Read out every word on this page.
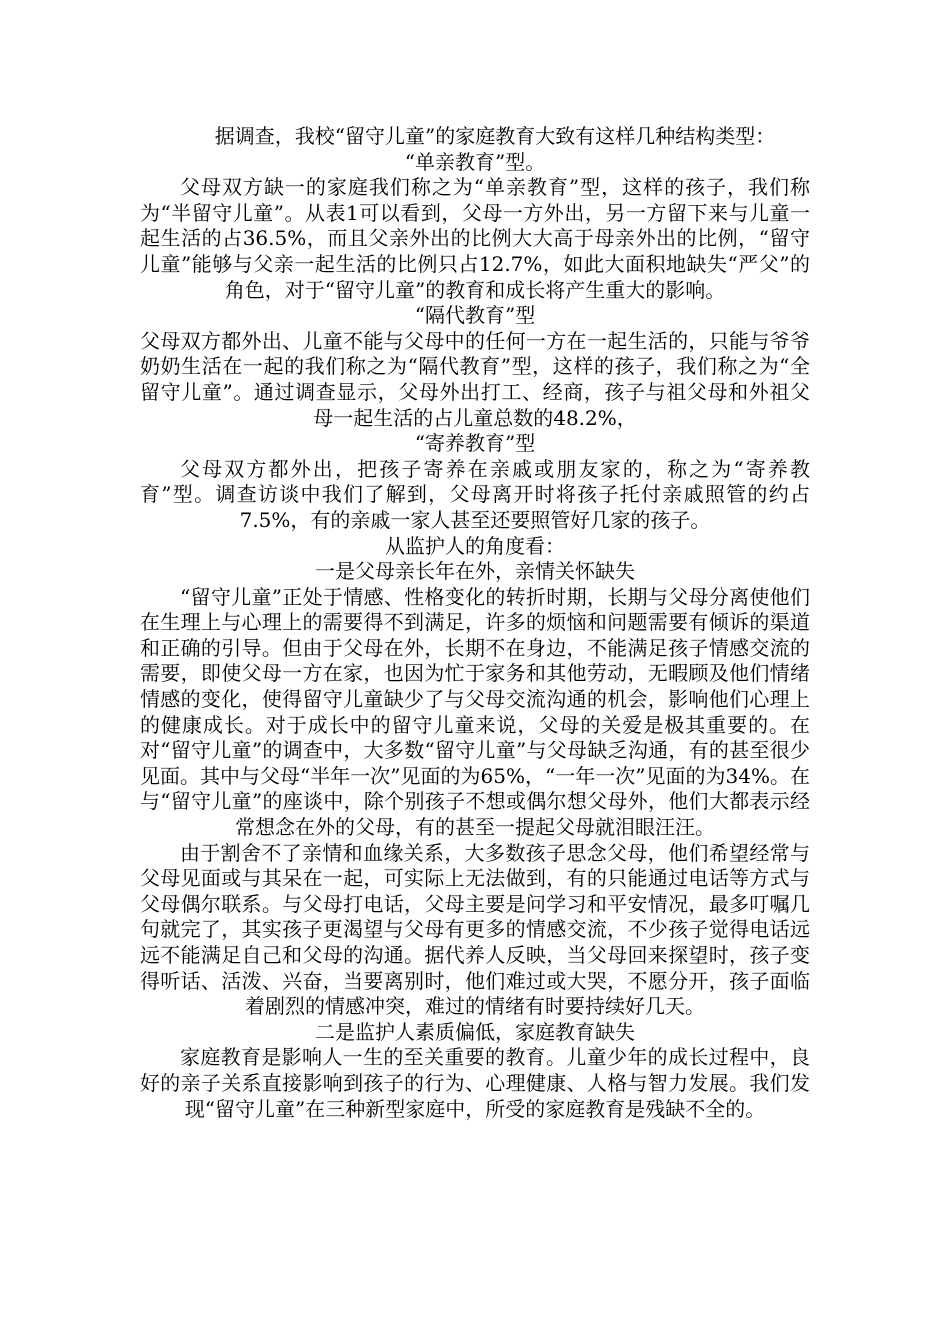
据调查，我校“留守儿童”的家庭教育大致有这样几种结构类型：

“单亲教育”型。

父母双方缺一的家庭我们称之为“单亲教育”型，这样的孩子，我们称为“半留守儿童”。从表1可以看到，父母一方外出，另一方留下来与儿童一起生活的占36.5%，而且父亲外出的比例大大高于母亲外出的比例，“留守儿童”能够与父亲一起生活的比例只占12.7%，如此大面积地缺失“严父”的角色，对于“留守儿童”的教育和成长将产生重大的影响。

“隔代教育”型

父母双方都外出、儿童不能与父母中的任何一方在一起生活的，只能与爷爷奶奶生活在一起的我们称之为“隔代教育”型，这样的孩子，我们称之为“全留守儿童”。通过调查显示，父母外出打工、经商，孩子与祖父母和外祖父母一起生活的占儿童总数的48.2%，

“寄养教育”型

父母双方都外出，把孩子寄养在亲戚或朋友家的，称之为“寄养教育”型。调查访谈中我们了解到，父母离开时将孩子托付亲戚照管的约占7.5%，有的亲戚一家人甚至还要照管好几家的孩子。

从监护人的角度看：

一是父母亲长年在外，亲情关怀缺失

“留守儿童”正处于情感、性格变化的转折时期，长期与父母分离使他们在生理上与心理上的需要得不到满足，许多的烦恼和问题需要有倾诉的渠道和正确的引导。但由于父母在外，长期不在身边，不能满足孩子情感交流的需要，即使父母一方在家，也因为忙于家务和其他劳动，无暇顾及他们情绪情感的变化，使得留守儿童缺少了与父母交流沟通的机会，影响他们心理上的健康成长。对于成长中的留守儿童来说，父母的关爱是极其重要的。在对“留守儿童”的调查中，大多数“留守儿童”与父母缺乏沟通，有的甚至很少见面。其中与父母“半年一次”见面的为65%，“一年一次”见面的为34%。在与“留守儿童”的座谈中，除个别孩子不想或偶尔想父母外，他们大都表示经常想念在外的父母，有的甚至一提起父母就泪眼汪汪。

由于割舍不了亲情和血缘关系，大多数孩子思念父母，他们希望经常与父母见面或与其呆在一起，可实际上无法做到，有的只能通过电话等方式与父母偶尔联系。与父母打电话，父母主要是问学习和平安情况，最多叮嘱几句就完了，其实孩子更渴望与父母有更多的情感交流，不少孩子觉得电话远远不能满足自己和父母的沟通。据代养人反映，当父母回来探望时，孩子变得听话、活泼、兴奋，当要离别时，他们难过或大哭，不愿分开，孩子面临着剧烈的情感冲突，难过的情绪有时要持续好几天。

二是监护人素质偏低，家庭教育缺失

家庭教育是影响人一生的至关重要的教育。儿童少年的成长过程中，良好的亲子关系直接影响到孩子的行为、心理健康、人格与智力发展。我们发现“留守儿童”在三种新型家庭中，所受的家庭教育是残缺不全的。
